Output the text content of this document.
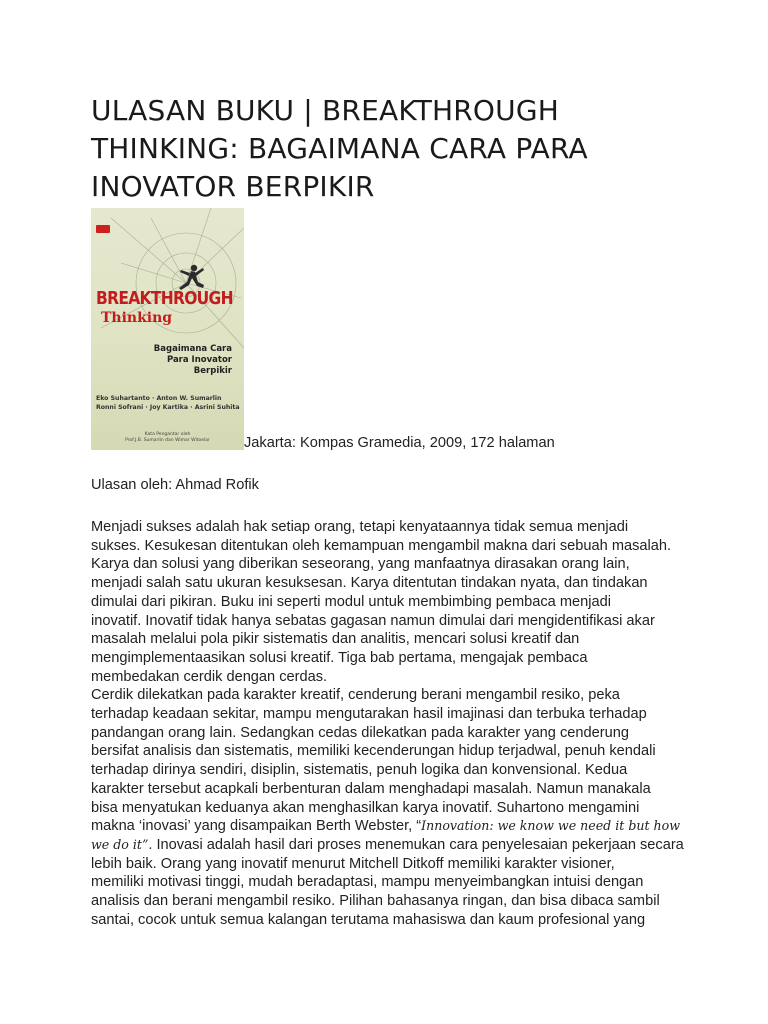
ULASAN BUKU | BREAKTHROUGH
THINKING: BAGAIMANA CARA PARA
INOVATOR BERPIKIR
BREAKTHROUGH
Thinking
Bagaimana Cara
Para Inovator
Berpikir
Eko Suhartanto · Anton W. Sumarlin
Ronni Sofrani · Joy Kartika · Asrini Suhita
Kata Pengantar oleh
Prof.J.B. Sumarlin dan Wimar Witoelar	Jakarta: Kompas Gramedia, 2009, 172 halaman
Ulasan oleh: Ahmad Rofik
Menjadi sukses adalah hak setiap orang, tetapi kenyataannya tidak semua menjadi
sukses. Kesukesan ditentukan oleh kemampuan mengambil makna dari sebuah masalah.
Karya dan solusi yang diberikan seseorang, yang manfaatnya dirasakan orang lain,
menjadi salah satu ukuran kesuksesan. Karya ditentutan tindakan nyata, dan tindakan
dimulai dari pikiran. Buku ini seperti modul untuk membimbing pembaca menjadi
inovatif. Inovatif tidak hanya sebatas gagasan namun dimulai dari mengidentifikasi akar
masalah melalui pola pikir sistematis dan analitis, mencari solusi kreatif dan
mengimplementaasikan solusi kreatif. Tiga bab pertama, mengajak pembaca
membedakan cerdik dengan cerdas.
Cerdik dilekatkan pada karakter kreatif, cenderung berani mengambil resiko, peka
terhadap keadaan sekitar, mampu mengutarakan hasil imajinasi dan terbuka terhadap
pandangan orang lain. Sedangkan cedas dilekatkan pada karakter yang cenderung
bersifat analisis dan sistematis, memiliki kecenderungan hidup terjadwal, penuh kendali
terhadap dirinya sendiri, disiplin, sistematis, penuh logika dan konvensional. Kedua
karakter tersebut acapkali berbenturan dalam menghadapi masalah. Namun manakala
bisa menyatukan keduanya akan menghasilkan karya inovatif. Suhartono mengamini
makna ‘inovasi’ yang disampaikan Berth Webster, “Innovation: we know we need it but how
we do it”. Inovasi adalah hasil dari proses menemukan cara penyelesaian pekerjaan secara
lebih baik. Orang yang inovatif menurut Mitchell Ditkoff memiliki karakter visioner,
memiliki motivasi tinggi, mudah beradaptasi, mampu menyeimbangkan intuisi dengan
analisis dan berani mengambil resiko. Pilihan bahasanya ringan, dan bisa dibaca sambil
santai, cocok untuk semua kalangan terutama mahasiswa dan kaum profesional yang
